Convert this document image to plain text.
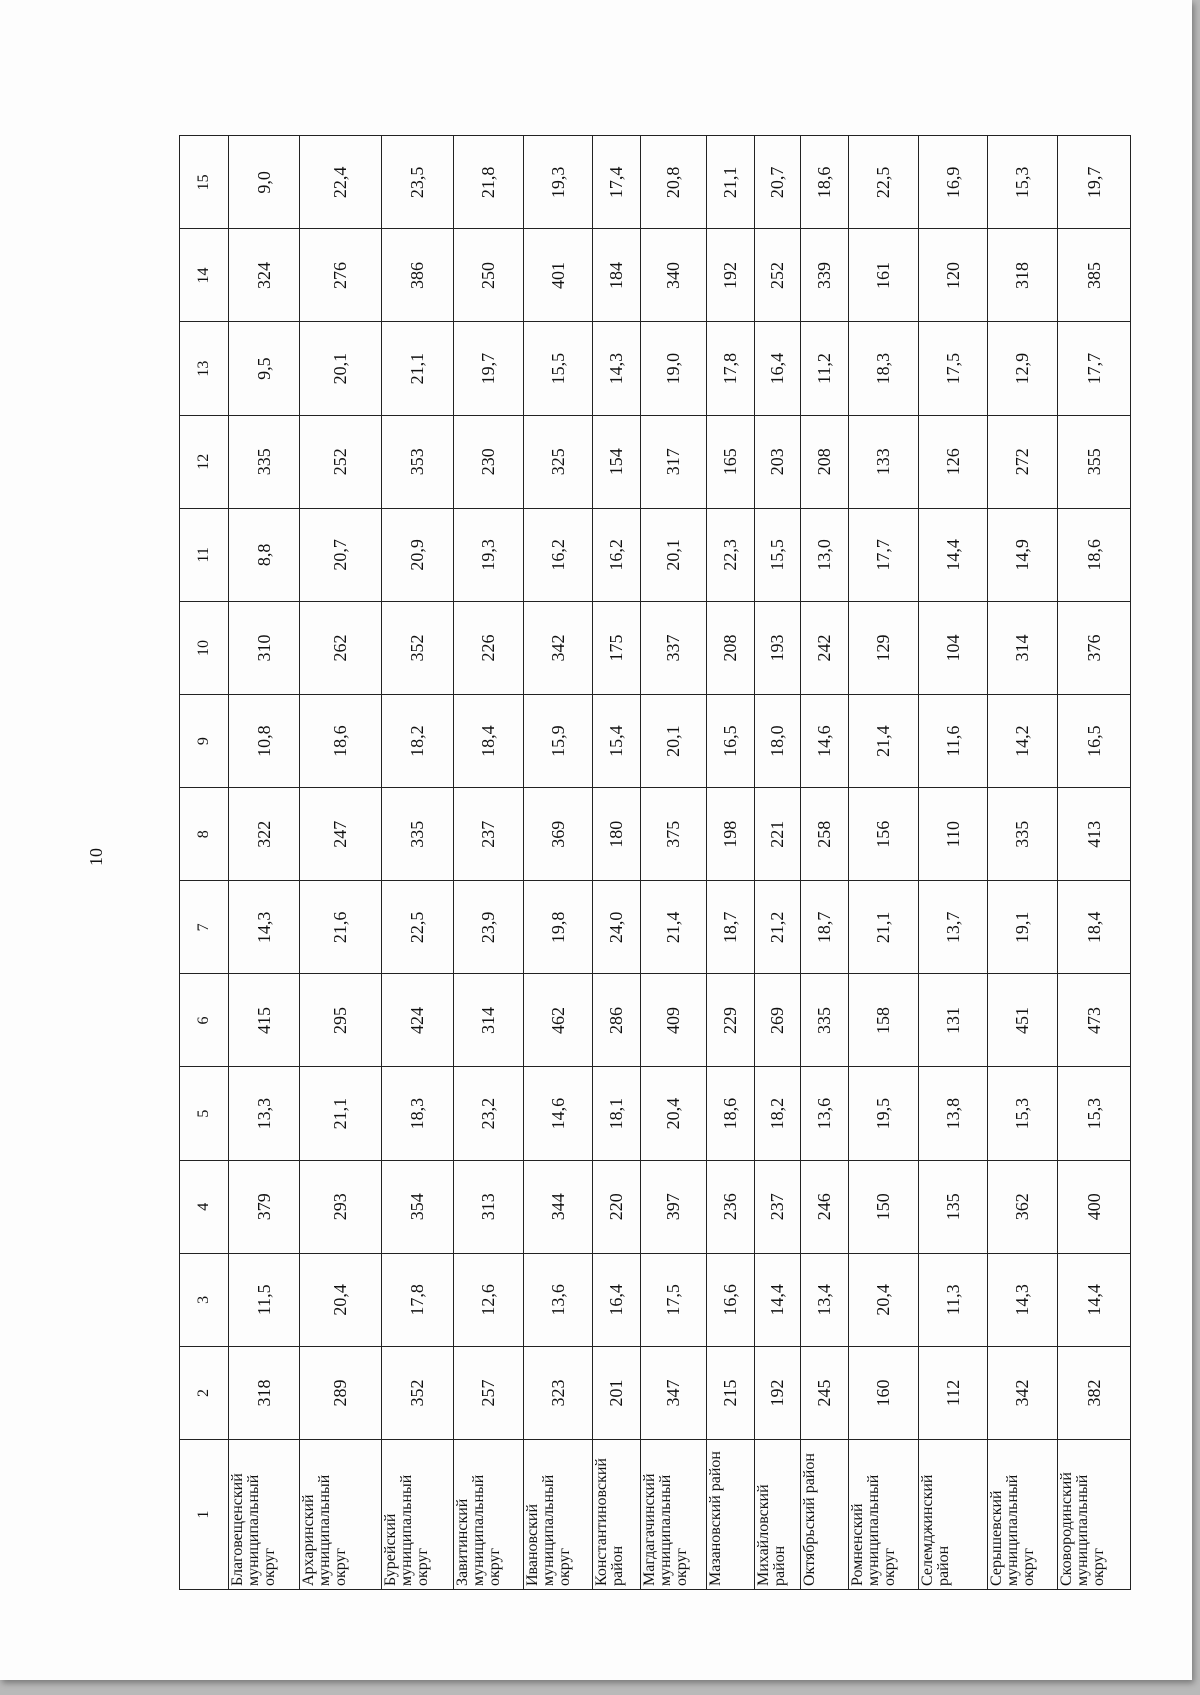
10
1	2	3	4	5	6	7	8	9	10	11	12	13	14	15
Благовещенский муниципальный округ	318	11,5	379	13,3	415	14,3	322	10,8	310	8,8	335	9,5	324	9,0
Архаринский муниципальный округ	289	20,4	293	21,1	295	21,6	247	18,6	262	20,7	252	20,1	276	22,4
Бурейский муниципальный округ	352	17,8	354	18,3	424	22,5	335	18,2	352	20,9	353	21,1	386	23,5
Завитинский муниципальный округ	257	12,6	313	23,2	314	23,9	237	18,4	226	19,3	230	19,7	250	21,8
Ивановский муниципальный округ	323	13,6	344	14,6	462	19,8	369	15,9	342	16,2	325	15,5	401	19,3
Константиновский район	201	16,4	220	18,1	286	24,0	180	15,4	175	16,2	154	14,3	184	17,4
Магдагачинский муниципальный округ	347	17,5	397	20,4	409	21,4	375	20,1	337	20,1	317	19,0	340	20,8
Мазановский район	215	16,6	236	18,6	229	18,7	198	16,5	208	22,3	165	17,8	192	21,1
Михайловский район	192	14,4	237	18,2	269	21,2	221	18,0	193	15,5	203	16,4	252	20,7
Октябрьский район	245	13,4	246	13,6	335	18,7	258	14,6	242	13,0	208	11,2	339	18,6
Ромненский муниципальный округ	160	20,4	150	19,5	158	21,1	156	21,4	129	17,7	133	18,3	161	22,5
Селемджинский район	112	11,3	135	13,8	131	13,7	110	11,6	104	14,4	126	17,5	120	16,9
Серышевский муниципальный округ	342	14,3	362	15,3	451	19,1	335	14,2	314	14,9	272	12,9	318	15,3
Сковородинский муниципальный округ	382	14,4	400	15,3	473	18,4	413	16,5	376	18,6	355	17,7	385	19,7
